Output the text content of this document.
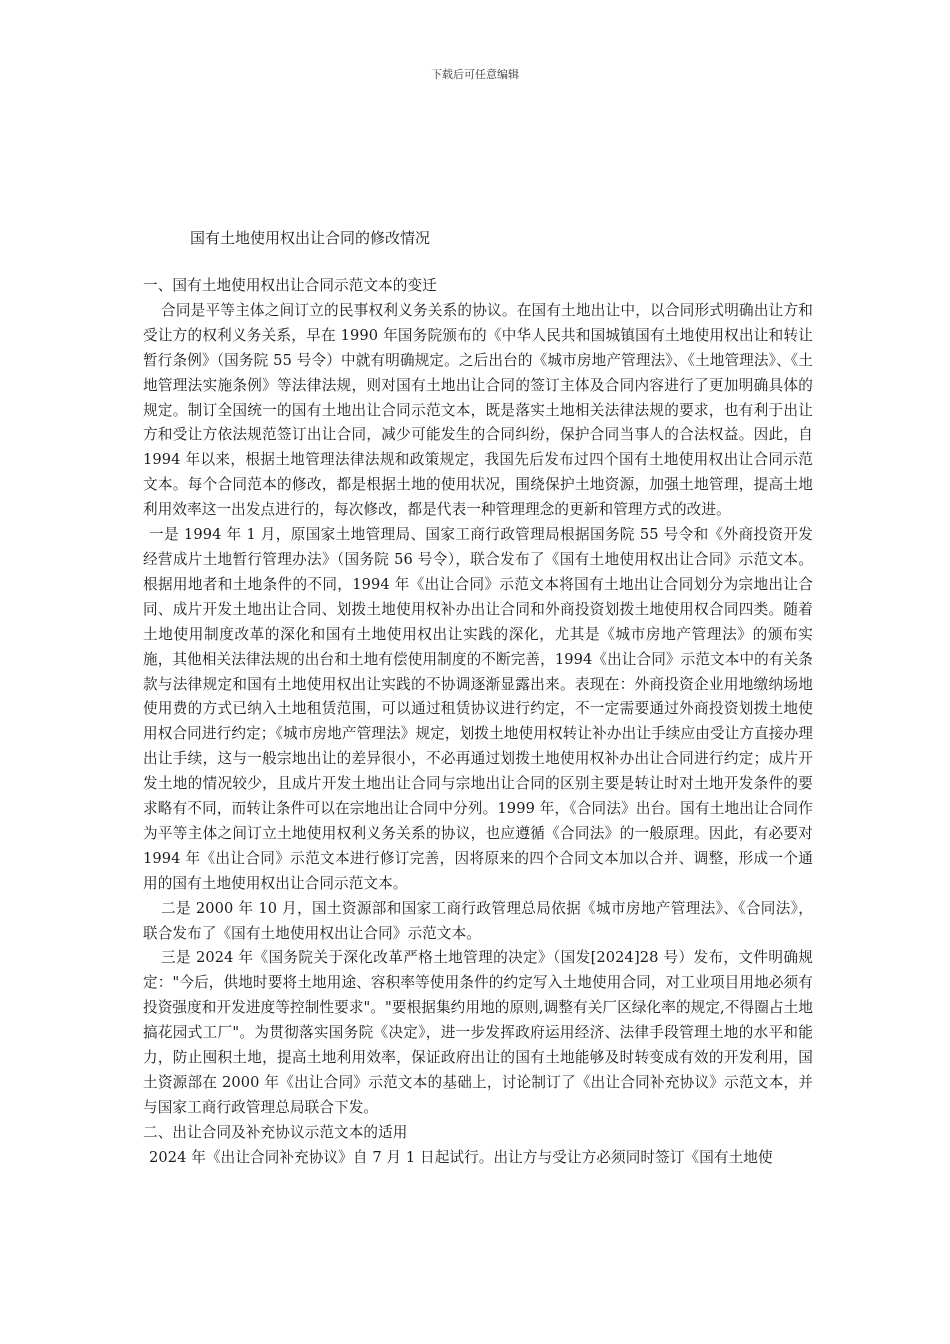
下载后可任意编辑
国有土地使用权出让合同的修改情况
一、国有土地使用权出让合同示范文本的变迁

合同是平等主体之间订立的民事权利义务关系的协议。在国有土地出让中，以合同形式明确出让方和受让方的权利义务关系，早在 1990 年国务院颁布的《中华人民共和国城镇国有土地使用权出让和转让暂行条例》（国务院 55 号令）中就有明确规定。之后出台的《城市房地产管理法》、《土地管理法》、《土地管理法实施条例》等法律法规，则对国有土地出让合同的签订主体及合同内容进行了更加明确具体的规定。制订全国统一的国有土地出让合同示范文本，既是落实土地相关法律法规的要求，也有利于出让方和受让方依法规范签订出让合同，减少可能发生的合同纠纷，保护合同当事人的合法权益。因此，自 1994 年以来，根据土地管理法律法规和政策规定，我国先后发布过四个国有土地使用权出让合同示范文本。每个合同范本的修改，都是根据土地的使用状况，围绕保护土地资源，加强土地管理，提高土地利用效率这一出发点进行的，每次修改，都是代表一种管理理念的更新和管理方式的改进。

一是 1994 年 1 月，原国家土地管理局、国家工商行政管理局根据国务院 55 号令和《外商投资开发经营成片土地暂行管理办法》（国务院 56 号令），联合发布了《国有土地使用权出让合同》示范文本。根据用地者和土地条件的不同，1994 年《出让合同》示范文本将国有土地出让合同划分为宗地出让合同、成片开发土地出让合同、划拨土地使用权补办出让合同和外商投资划拨土地使用权合同四类。随着土地使用制度改革的深化和国有土地使用权出让实践的深化，尤其是《城市房地产管理法》的颁布实施，其他相关法律法规的出台和土地有偿使用制度的不断完善，1994《出让合同》示范文本中的有关条款与法律规定和国有土地使用权出让实践的不协调逐渐显露出来。表现在：外商投资企业用地缴纳场地使用费的方式已纳入土地租赁范围，可以通过租赁协议进行约定，不一定需要通过外商投资划拨土地使用权合同进行约定；《城市房地产管理法》规定，划拨土地使用权转让补办出让手续应由受让方直接办理出让手续，这与一般宗地出让的差异很小，不必再通过划拨土地使用权补办出让合同进行约定；成片开发土地的情况较少，且成片开发土地出让合同与宗地出让合同的区别主要是转让时对土地开发条件的要求略有不同，而转让条件可以在宗地出让合同中分列。1999 年，《合同法》出台。国有土地出让合同作为平等主体之间订立土地使用权利义务关系的协议，也应遵循《合同法》的一般原理。因此，有必要对 1994 年《出让合同》示范文本进行修订完善，因将原来的四个合同文本加以合并、调整，形成一个通用的国有土地使用权出让合同示范文本。

二是 2000 年 10 月，国土资源部和国家工商行政管理总局依据《城市房地产管理法》、《合同法》，联合发布了《国有土地使用权出让合同》示范文本。

三是 2024 年《国务院关于深化改革严格土地管理的决定》（国发[2024]28 号）发布，文件明确规定："今后，供地时要将土地用途、容积率等使用条件的约定写入土地使用合同，对工业项目用地必须有投资强度和开发进度等控制性要求"。"要根据集约用地的原则,调整有关厂区绿化率的规定,不得圈占土地搞花园式工厂"。为贯彻落实国务院《决定》，进一步发挥政府运用经济、法律手段管理土地的水平和能力，防止囤积土地，提高土地利用效率，保证政府出让的国有土地能够及时转变成有效的开发利用，国土资源部在 2000 年《出让合同》示范文本的基础上，讨论制订了《出让合同补充协议》示范文本，并与国家工商行政管理总局联合下发。

二、出让合同及补充协议示范文本的适用

2024 年《出让合同补充协议》自 7 月 1 日起试行。出让方与受让方必须同时签订《国有土地使
